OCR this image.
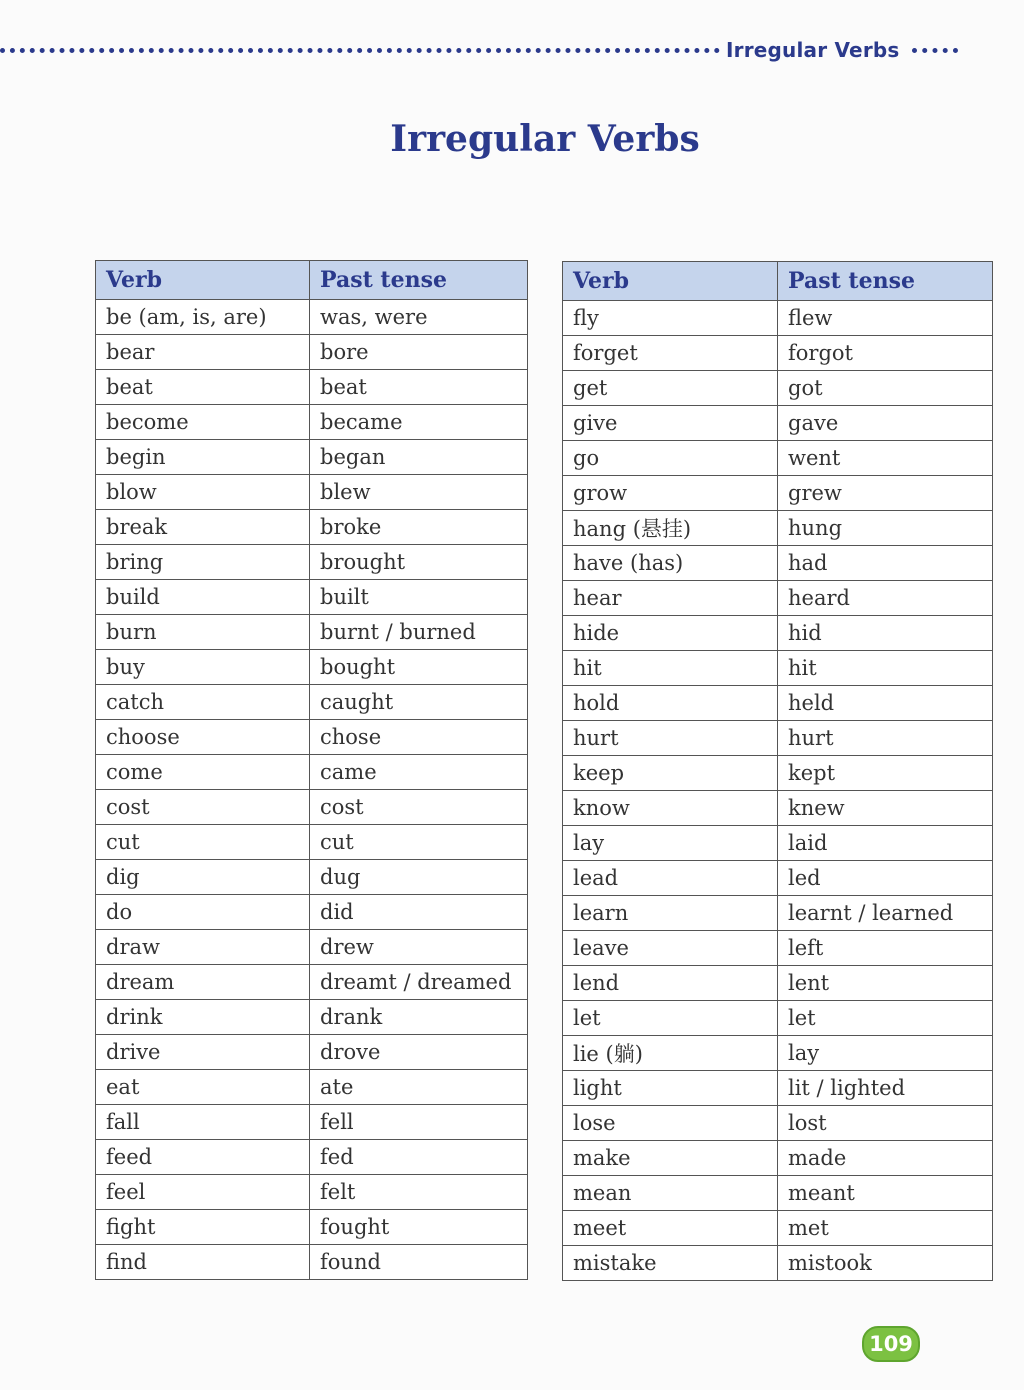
Irregular Verbs
Irregular Verbs
Verb	Past tense
be (am, is, are)	was, were
bear	bore
beat	beat
become	became
begin	began
blow	blew
break	broke
bring	brought
build	built
burn	burnt / burned
buy	bought
catch	caught
choose	chose
come	came
cost	cost
cut	cut
dig	dug
do	did
draw	drew
dream	dreamt / dreamed
drink	drank
drive	drove
eat	ate
fall	fell
feed	fed
feel	felt
fight	fought
find	found
Verb	Past tense
fly	flew
forget	forgot
get	got
give	gave
go	went
grow	grew
hang (悬挂)	hung
have (has)	had
hear	heard
hide	hid
hit	hit
hold	held
hurt	hurt
keep	kept
know	knew
lay	laid
lead	led
learn	learnt / learned
leave	left
lend	lent
let	let
lie (躺)	lay
light	lit / lighted
lose	lost
make	made
mean	meant
meet	met
mistake	mistook
109
